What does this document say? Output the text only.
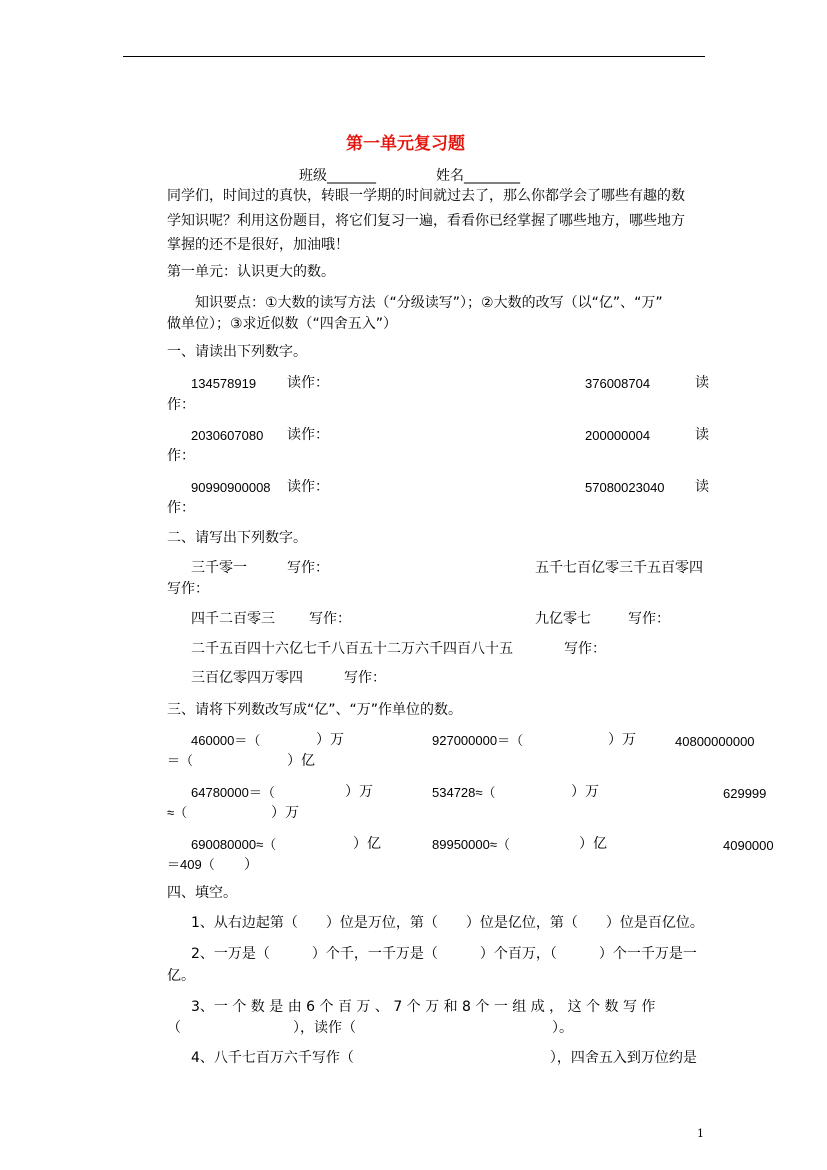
第一单元复习题
班级_______	姓名________
同学们，时间过的真快，转眼一学期的时间就过去了，那么你都学会了哪些有趣的数
学知识呢？利用这份题目，将它们复习一遍，看看你已经掌握了哪些地方，哪些地方
掌握的还不是很好，加油哦！
第一单元：认识更大的数。
知识要点：①大数的读写方法（“分级读写”）；②大数的改写（以“亿”、“万”
做单位）；③求近似数（“四舍五入”）
一、请读出下列数字。
134578919 读作：	376008704	读
作：
2030607080 读作：	200000004	读
作：
90990900008 读作：	57080023040 读
作：
二、请写出下列数字。
三千零一	写作：	五千七百亿零三千五百零四
写作：
四千二百零三 写作：	九亿零七	写作：
二千五百四十六亿七千八百五十二万六千四百八十五	写作：
三百亿零四万零四	写作：
三、请将下列数改写成“亿”、“万”作单位的数。
460000＝（	）万	927000000＝（	）万	40800000000
＝（	）亿
64780000＝（	）万	534728≈（	）万	629999
≈（	）万
690080000≈（	）亿	89950000≈（	）亿	4090000
＝409（ ）
四、填空。
1、从右边起第（　　）位是万位，第（　　）位是亿位，第（　　）位是百亿位。
2、一万是（　　　）个千，一千万是（　　　）个百万，（　　　）个一千万是一
亿。
3、一 个 数 是 由 6 个 百 万 、 7 个 万 和 8 个 一 组 成 ， 这 个 数 写 作
（　　　　　　　　），读作（　　　　　　　　　　　　　　）。
4、八千七百万六千写作（　　　　　　　　　　　　　　），四舍五入到万位约是
1
